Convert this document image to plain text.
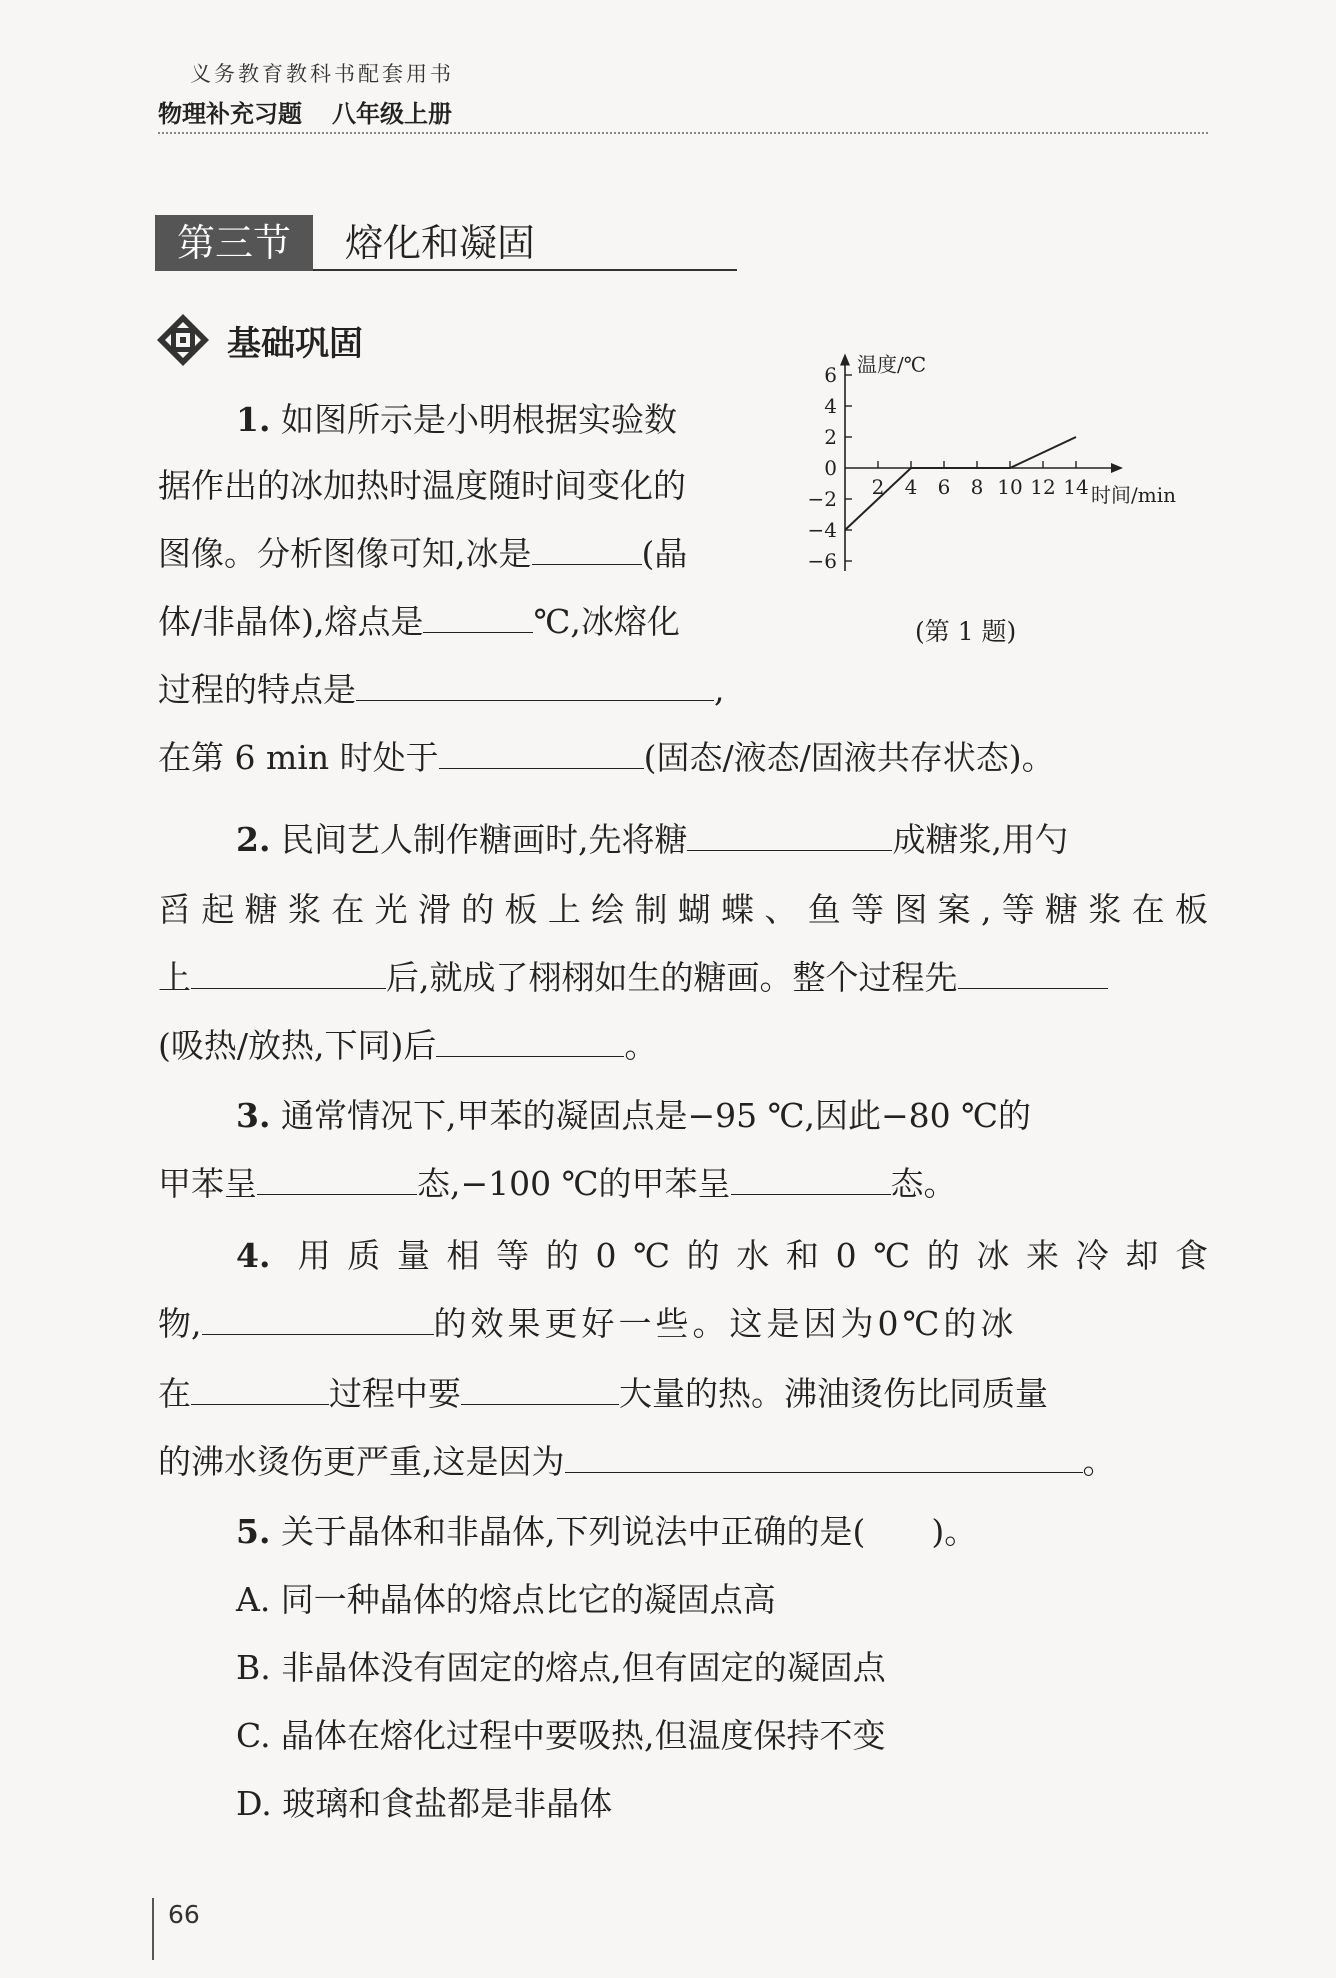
义务教育教科书配套用书
物理补充习题 八年级上册
第三节	熔化和凝固
基础巩固
1. 如图所示是小明根据实验数
据作出的冰加热时温度随时间变化的
图像。分析图像可知,冰是	(晶
体/非晶体),熔点是	℃,冰熔化
过程的特点是	,
在第 6 min 时处于	(固态/液态/固液共存状态)。
6
4
2
0
−2
−4
−6
2 4 6 8 10 12 14
温度/℃
时间/min
(第 1 题)
2. 民间艺人制作糖画时,先将糖	成糖浆,用勺
舀起糖浆在光滑的板上绘制蝴蝶、鱼等图案,等糖浆在板
上	后,就成了栩栩如生的糖画。整个过程先
(吸热/放热,下同)后	。
3. 通常情况下,甲苯的凝固点是−95 ℃,因此−80 ℃的
甲苯呈	态,−100 ℃的甲苯呈	态。
4. 用质量相等的0℃的水和0℃的冰来冷却食
物,	的效果更好一些。这是因为0℃的冰
在	过程中要	大量的热。沸油烫伤比同质量
的沸水烫伤更严重,这是因为	。
5. 关于晶体和非晶体,下列说法中正确的是(　　)。
A. 同一种晶体的熔点比它的凝固点高
B. 非晶体没有固定的熔点,但有固定的凝固点
C. 晶体在熔化过程中要吸热,但温度保持不变
D. 玻璃和食盐都是非晶体
66
